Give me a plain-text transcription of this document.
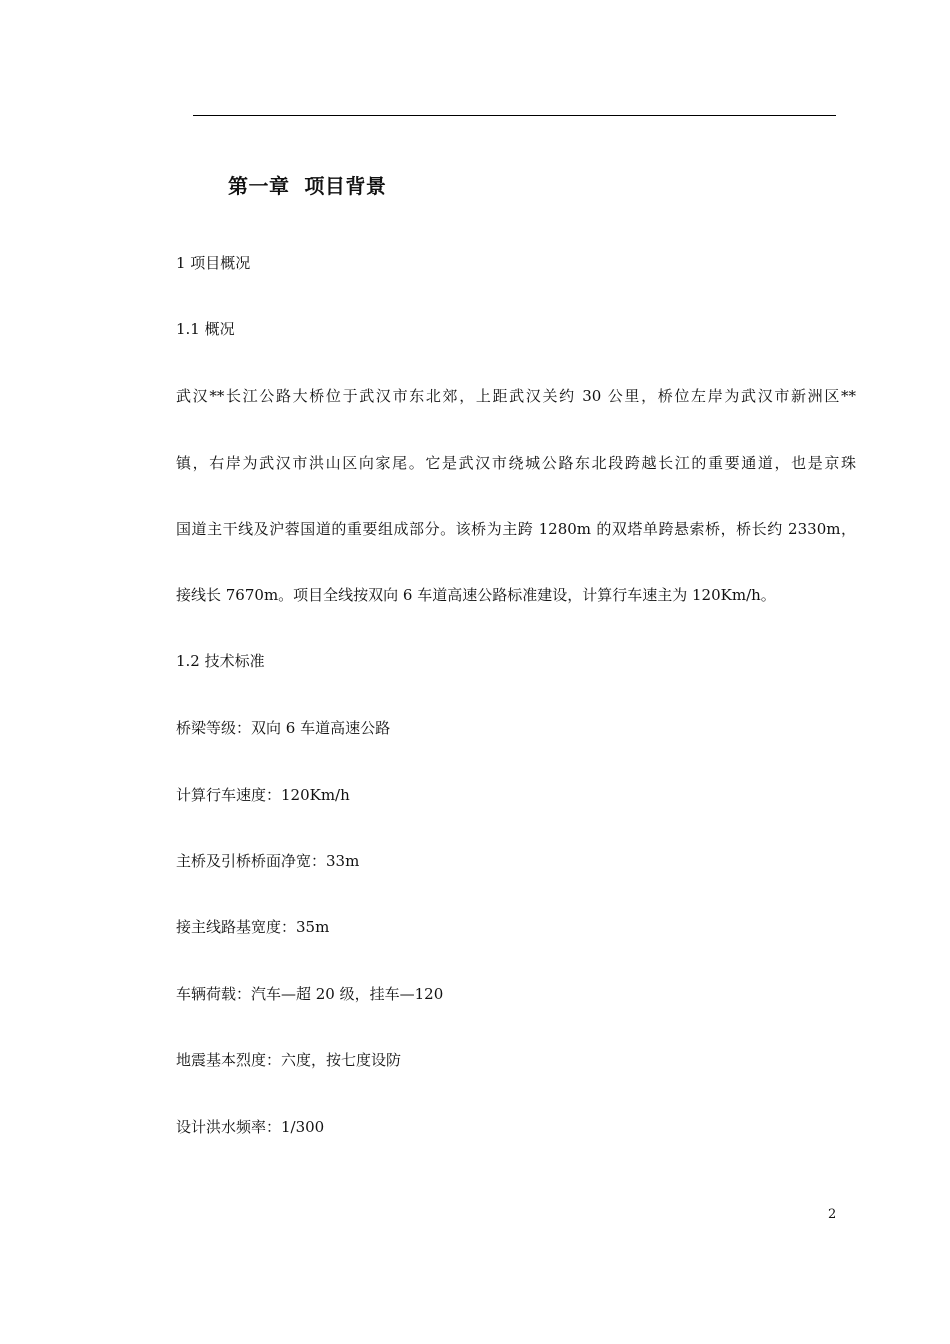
第一章  项目背景
1 项目概况
1.1 概况
武汉**长江公路大桥位于武汉市东北郊，上距武汉关约 30 公里，桥位左岸为武汉市新洲区**
镇，右岸为武汉市洪山区向家尾。它是武汉市绕城公路东北段跨越长江的重要通道，也是京珠
国道主干线及沪蓉国道的重要组成部分。该桥为主跨 1280m 的双塔单跨悬索桥，桥长约 2330m，
接线长 7670m。项目全线按双向 6 车道高速公路标准建设，计算行车速主为 120Km/h。
1.2 技术标准
桥梁等级：双向 6 车道高速公路
计算行车速度：120Km/h
主桥及引桥桥面净宽：33m
接主线路基宽度：35m
车辆荷载：汽车—超 20 级，挂车—120
地震基本烈度：六度，按七度设防
设计洪水频率：1/300
2
